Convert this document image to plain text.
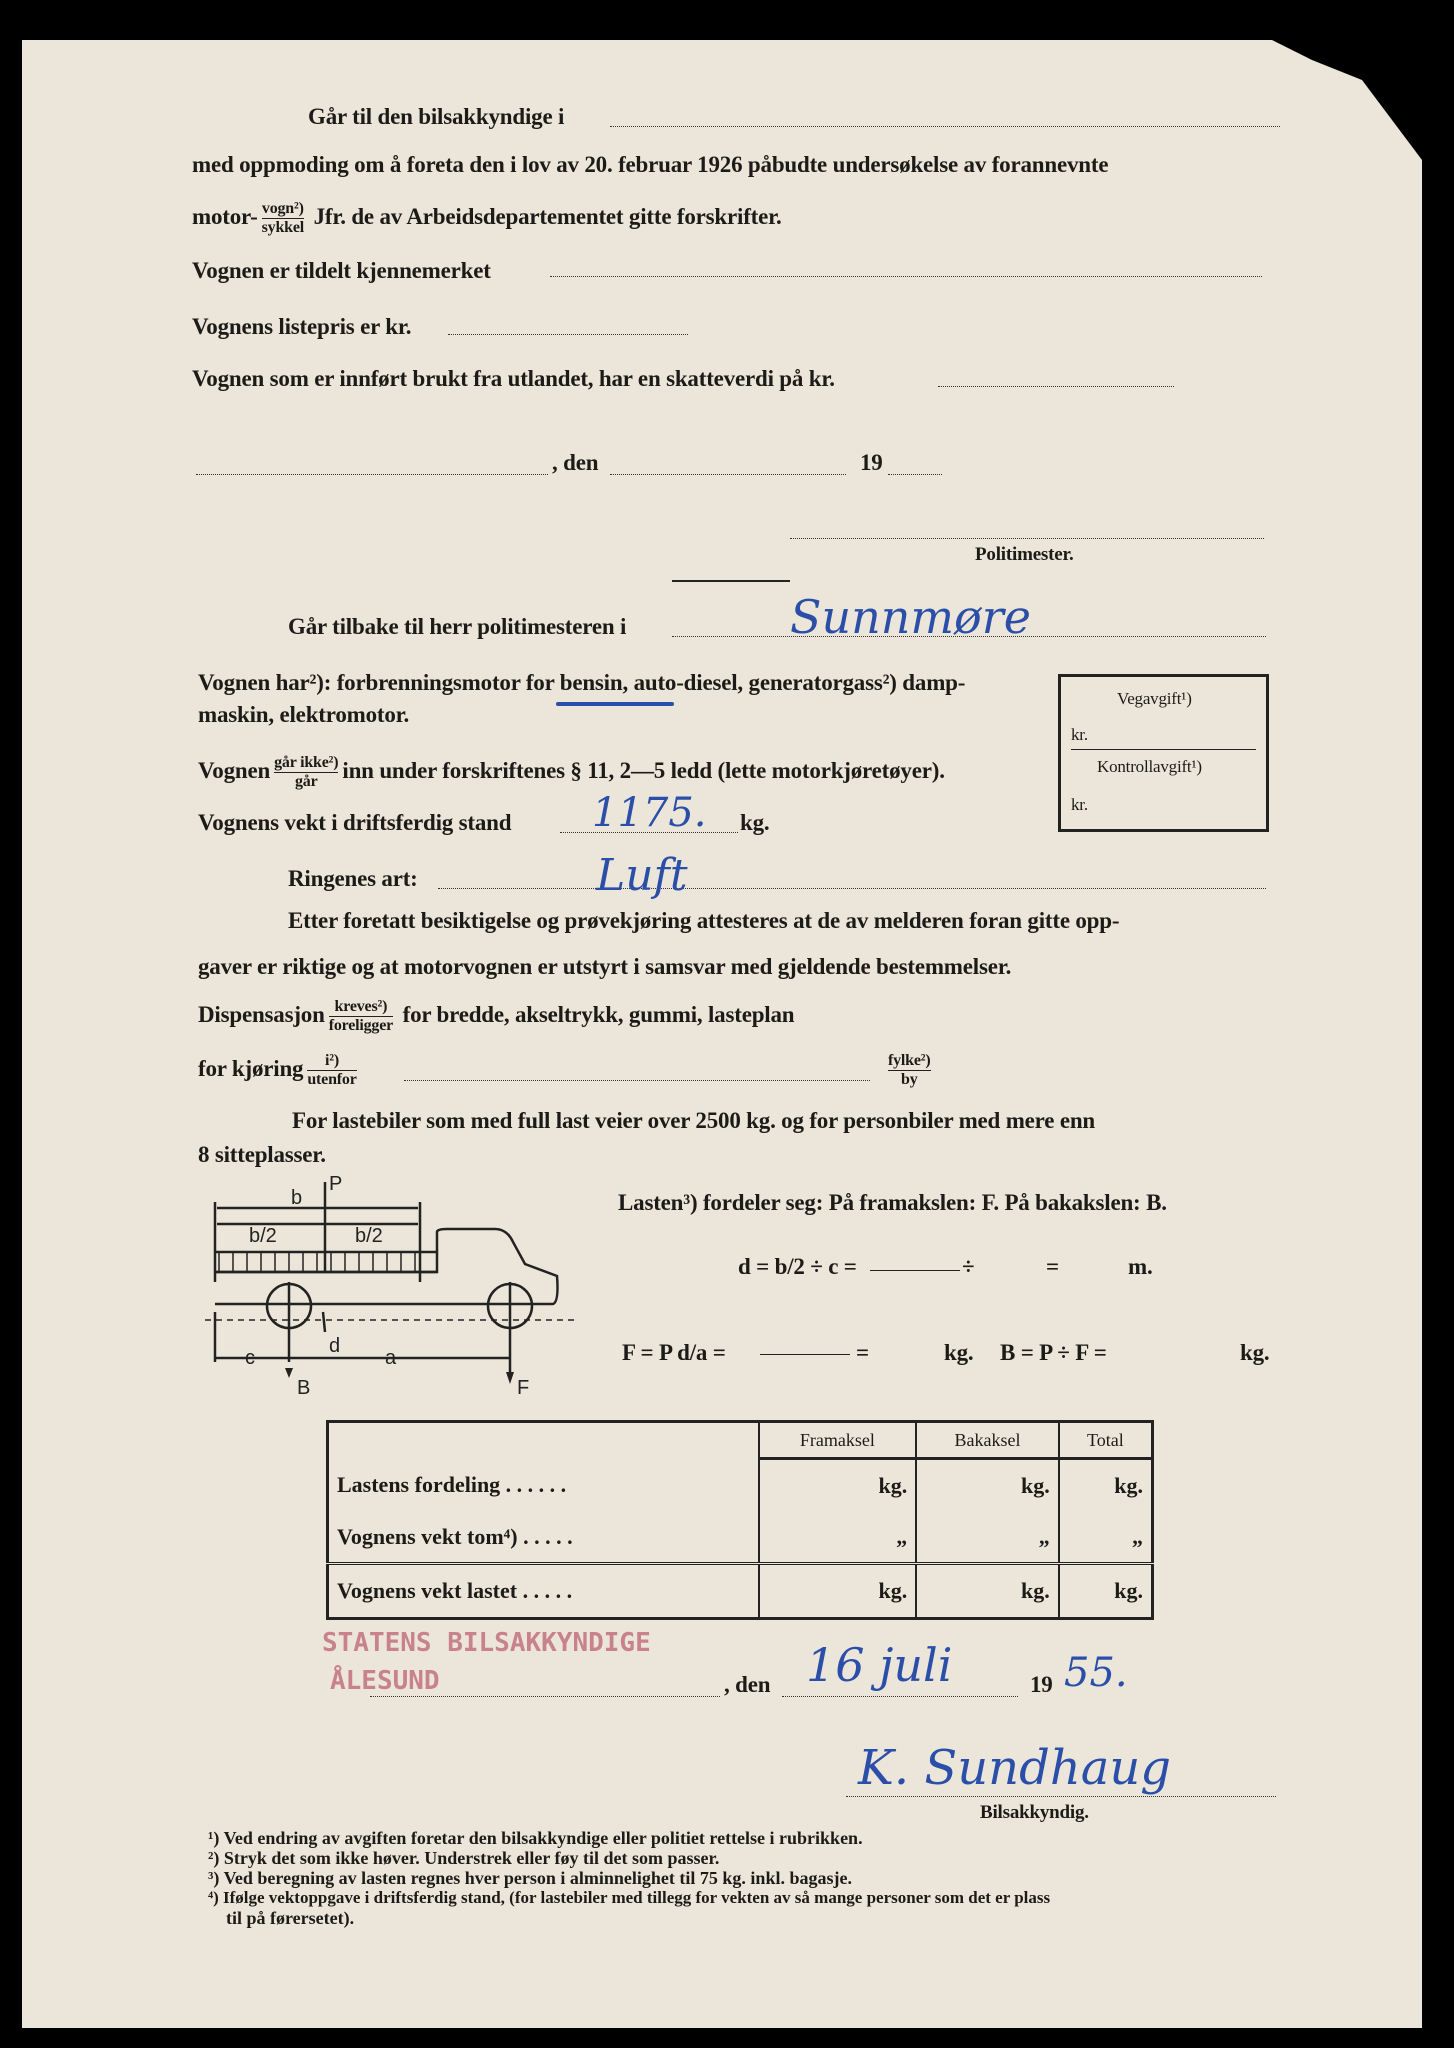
Går til den bilsakkyndige i
med oppmoding om å foreta den i lov av 20. februar 1926 påbudte undersøkelse av forannevnte
motor- $\frac{\text{vogn²)}}{\text{sykkel}}$ Jfr. de av Arbeidsdepartementet gitte forskrifter.
Vognen er tildelt kjennemerket
Vognens listepris er kr.
Vognen som er innført brukt fra utlandet, har en skatteverdi på kr.
, den	19
Politimester.
Går tilbake til herr politimesteren i	Sunnmøre
Vognen har²): forbrenningsmotor for bensin, auto-diesel, generatorgass²) damp-
maskin, elektromotor.
Vognen $\frac{\text{går ikke²)}}{\text{går}}$ inn under forskriftenes § 11, 2—5 ledd (lette motorkjøretøyer).
Vegavgift¹)
kr.
Kontrollavgift¹)
kr.
Vognens vekt i driftsferdig stand 1175. kg.
Ringenes art:	Luft
Etter foretatt besiktigelse og prøvekjøring attesteres at de av melderen foran gitte opp-
gaver er riktige og at motorvognen er utstyrt i samsvar med gjeldende bestemmelser.
Dispensasjon $\frac{\text{kreves²)}}{\text{foreligger}}$ for bredde, akseltrykk, gummi, lasteplan
for kjøring $\frac{\text{i²)}}{\text{utenfor}}$	$\frac{\text{fylke²)}}{by}$
For lastebiler som med full last veier over 2500 kg. og for personbiler med mere enn
8 sitteplasser.
P
b
b/2	b/2
d
c	a
B	F
Lasten³) fordeler seg: På framakslen: F. På bakakslen: B.
d = b/2 ÷ c =	÷	=	m.
F = P d/a =	=	kg. B = P ÷ F =	kg.
	Framaksel	Bakaksel	Total
Lastens fordeling . . . . . .	kg.	kg.	kg.
Vognens vekt tom⁴) . . . . .	„	„	„
Vognens vekt lastet . . . . .	kg.	kg.	kg.
STATENS BILSAKKYNDIGE
ÅLESUND	, den 16 juli	19 55.
K. Sundhaug
Bilsakkyndig.
¹) Ved endring av avgiften foretar den bilsakkyndige eller politiet rettelse i rubrikken.
²) Stryk det som ikke høver. Understrek eller føy til det som passer.
³) Ved beregning av lasten regnes hver person i alminnelighet til 75 kg. inkl. bagasje.
⁴) Ifølge vektoppgave i driftsferdig stand, (for lastebiler med tillegg for vekten av så mange personer som det er plass
til på førersetet).
